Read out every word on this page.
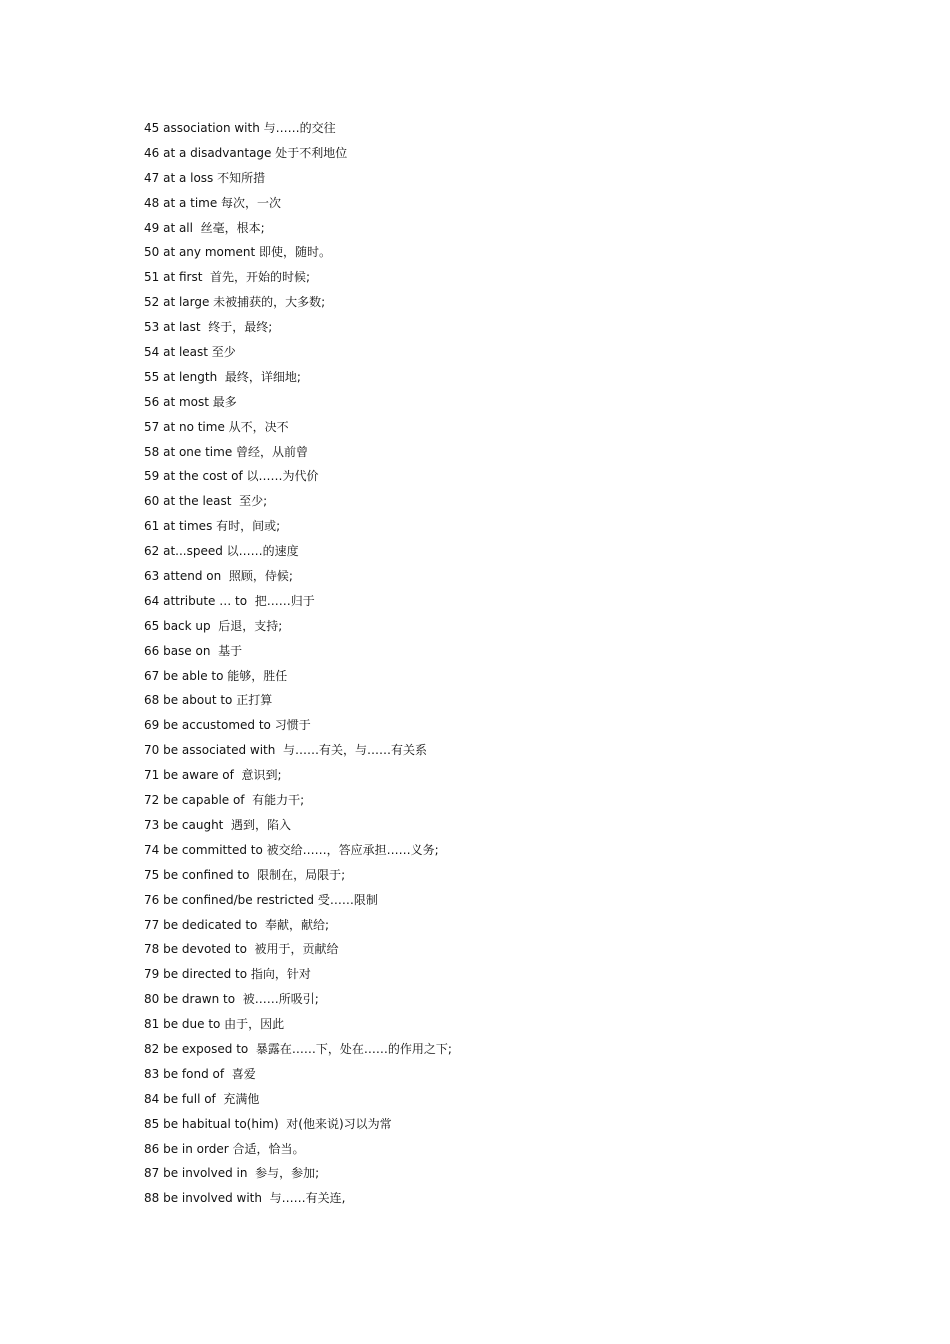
45 association with 与……的交往
46 at a disadvantage 处于不利地位
47 at a loss 不知所措
48 at a time 每次，一次
49 at all  丝毫，根本;
50 at any moment 即使，随时。
51 at first  首先，开始的时候;
52 at large 未被捕获的，大多数;
53 at last  终于，最终;
54 at least 至少
55 at length  最终，详细地;
56 at most 最多
57 at no time 从不，决不
58 at one time 曾经，从前曾
59 at the cost of 以……为代价
60 at the least  至少;
61 at times 有时，间或;
62 at...speed 以……的速度
63 attend on  照顾，侍候;
64 attribute … to  把……归于
65 back up  后退，支持;
66 base on  基于
67 be able to 能够，胜任
68 be about to 正打算
69 be accustomed to 习惯于
70 be associated with  与……有关，与……有关系
71 be aware of  意识到;
72 be capable of  有能力干;
73 be caught  遇到，陷入
74 be committed to 被交给……，答应承担……义务;
75 be confined to  限制在，局限于;
76 be confined/be restricted 受……限制
77 be dedicated to  奉献，献给;
78 be devoted to  被用于，贡献给
79 be directed to 指向，针对
80 be drawn to  被……所吸引;
81 be due to 由于，因此
82 be exposed to  暴露在……下，处在……的作用之下;
83 be fond of  喜爱
84 be full of  充满他
85 be habitual to(him)  对(他来说)习以为常
86 be in order 合适，恰当。
87 be involved in  参与，参加;
88 be involved with  与……有关连,
